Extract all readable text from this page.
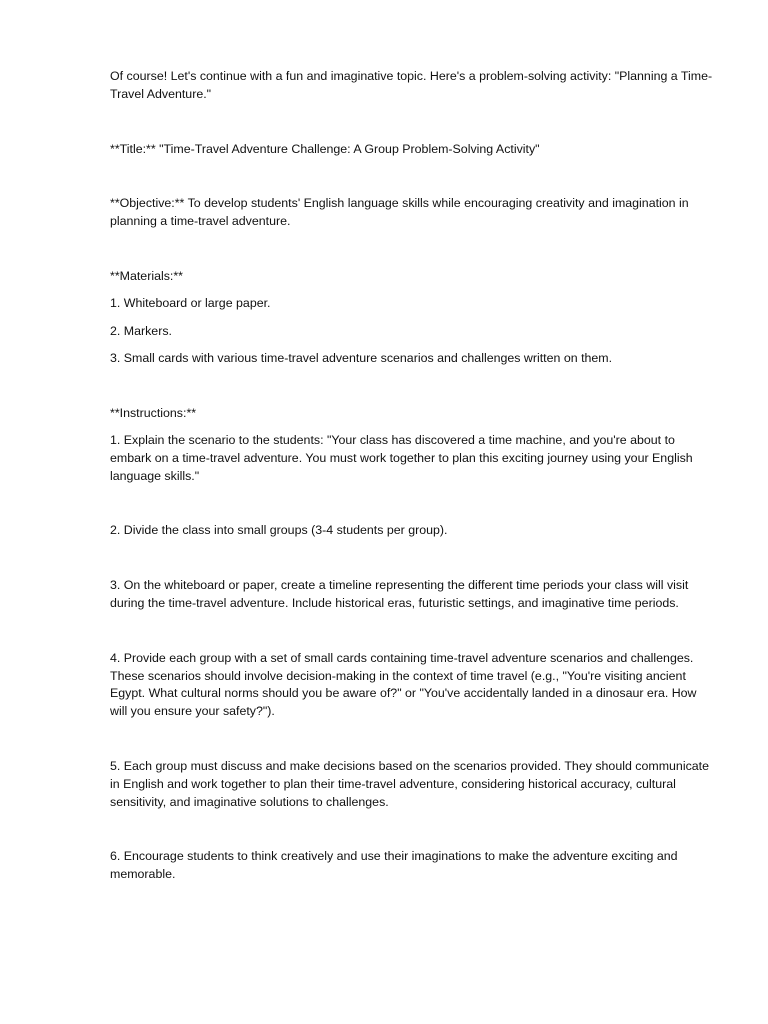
Of course! Let's continue with a fun and imaginative topic. Here's a problem-solving activity: "Planning a Time-Travel Adventure."

**Title:** "Time-Travel Adventure Challenge: A Group Problem-Solving Activity"

**Objective:** To develop students' English language skills while encouraging creativity and imagination in planning a time-travel adventure.

**Materials:**

1. Whiteboard or large paper.

2. Markers.

3. Small cards with various time-travel adventure scenarios and challenges written on them.

**Instructions:**

1. Explain the scenario to the students: "Your class has discovered a time machine, and you're about to embark on a time-travel adventure. You must work together to plan this exciting journey using your English language skills."

2. Divide the class into small groups (3-4 students per group).

3. On the whiteboard or paper, create a timeline representing the different time periods your class will visit during the time-travel adventure. Include historical eras, futuristic settings, and imaginative time periods.

4. Provide each group with a set of small cards containing time-travel adventure scenarios and challenges. These scenarios should involve decision-making in the context of time travel (e.g., "You're visiting ancient Egypt. What cultural norms should you be aware of?" or "You've accidentally landed in a dinosaur era. How will you ensure your safety?").

5. Each group must discuss and make decisions based on the scenarios provided. They should communicate in English and work together to plan their time-travel adventure, considering historical accuracy, cultural sensitivity, and imaginative solutions to challenges.

6. Encourage students to think creatively and use their imaginations to make the adventure exciting and memorable.
